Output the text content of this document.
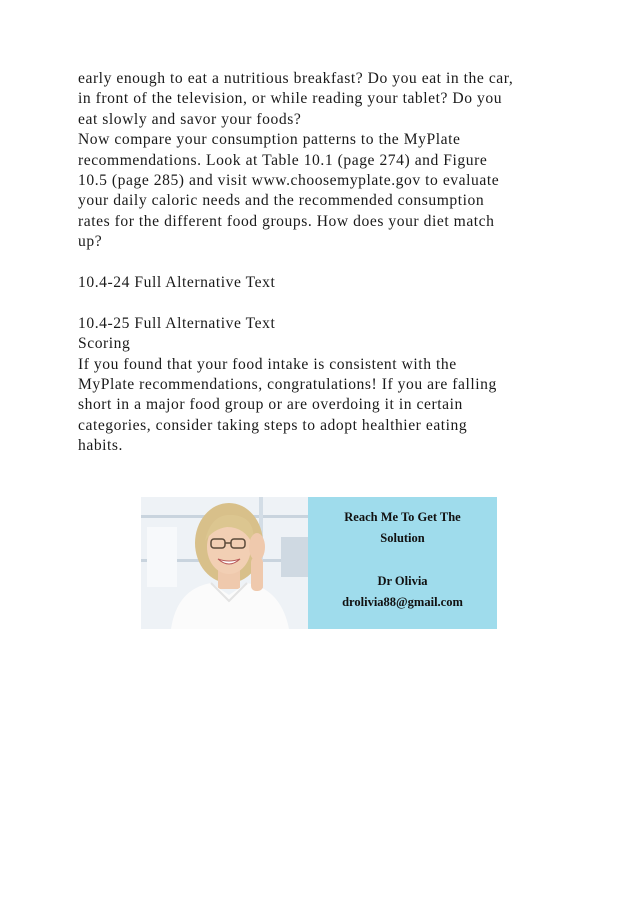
early enough to eat a nutritious breakfast? Do you eat in the car,
in front of the television, or while reading your tablet? Do you
eat slowly and savor your foods?
Now compare your consumption patterns to the MyPlate
recommendations. Look at Table 10.1 (page 274) and Figure
10.5 (page 285) and visit www.choosemyplate.gov to evaluate
your daily caloric needs and the recommended consumption
rates for the different food groups. How does your diet match
up?
10.4-24 Full Alternative Text
10.4-25 Full Alternative Text
Scoring
If you found that your food intake is consistent with the
MyPlate recommendations, congratulations! If you are falling
short in a major food group or are overdoing it in certain
categories, consider taking steps to adopt healthier eating
habits.
Reach Me To Get The
Solution
Dr Olivia
drolivia88@gmail.com
